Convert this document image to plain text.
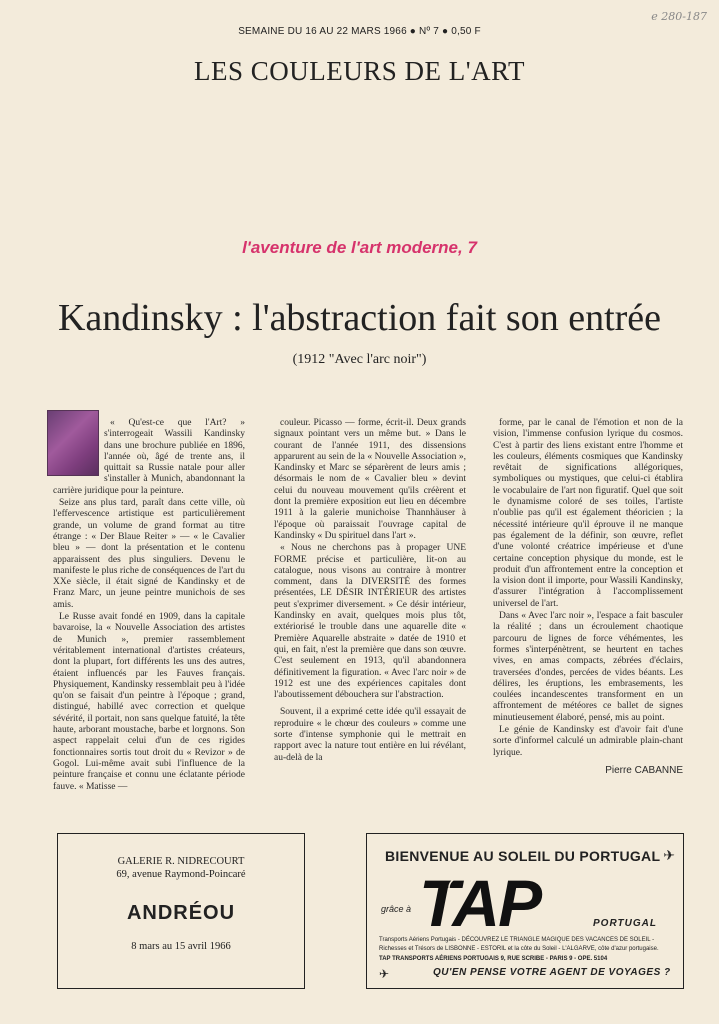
SEMAINE DU 16 AU 22 MARS 1966 ● Nº 7 ● 0,50 F
e 280-187
LES COULEURS DE L'ART
l'aventure de l'art moderne, 7
Kandinsky : l'abstraction fait son entrée
(1912 "Avec l'arc noir")

« Qu'est-ce que l'Art? » s'interrogeait Wassili Kandinsky dans une brochure publiée en 1896, l'année où, âgé de trente ans, il quittait sa Russie natale pour aller s'installer à Munich, abandonnant la carrière juridique pour la peinture.

Seize ans plus tard, paraît dans cette ville, où l'effervescence artistique est particulièrement grande, un volume de grand format au titre étrange : « Der Blaue Reiter » — « le Cavalier bleu » — dont la présentation et le contenu apparaissent des plus singuliers. Devenu le manifeste le plus riche de conséquences de l'art du XXe siècle, il était signé de Kandinsky et de Franz Marc, un jeune peintre munichois de ses amis.

Le Russe avait fondé en 1909, dans la capitale bavaroise, la « Nouvelle Association des artistes de Munich », premier rassemblement véritablement international d'artistes créateurs, dont la plupart, fort différents les uns des autres, étaient influencés par les Fauves français. Physiquement, Kandinsky ressemblait peu à l'idée qu'on se faisait d'un peintre à l'époque ; grand, distingué, habillé avec correction et quelque sévérité, il portait, non sans quelque fatuité, la tête haute, arborant moustache, barbe et lorgnons. Son aspect rappelait celui d'un de ces rigides fonctionnaires sortis tout droit du « Revizor » de Gogol. Lui-même avait subi l'influence de la peinture française et connu une éclatante période fauve. « Matisse —

couleur. Picasso — forme, écrit-il. Deux grands signaux pointant vers un même but. » Dans le courant de l'année 1911, des dissensions apparurent au sein de la « Nouvelle Association », Kandinsky et Marc se séparèrent de leurs amis ; désormais le nom de « Cavalier bleu » devint celui du nouveau mouvement qu'ils créèrent et dont la première exposition eut lieu en décembre 1911 à la galerie munichoise Thannhäuser à l'époque où paraissait l'ouvrage capital de Kandinsky « Du spirituel dans l'art ».

« Nous ne cherchons pas à propager UNE FORME précise et particulière, lit-on au catalogue, nous visons au contraire à montrer comment, dans la DIVERSITÉ des formes présentées, LE DÉSIR INTÉRIEUR des artistes peut s'exprimer diversement. » Ce désir intérieur, Kandinsky en avait, quelques mois plus tôt, extériorisé le trouble dans une aquarelle dite « Première Aquarelle abstraite » datée de 1910 et qui, en fait, n'est la première que dans son œuvre. C'est seulement en 1913, qu'il abandonnera définitivement la figuration. « Avec l'arc noir » de 1912 est une des expériences capitales dont l'aboutissement débouchera sur l'abstraction.

Souvent, il a exprimé cette idée qu'il essayait de reproduire « le chœur des couleurs » comme une sorte d'intense symphonie qui le mettrait en rapport avec la nature tout entière en lui révélant, au-delà de la

forme, par le canal de l'émotion et non de la vision, l'immense confusion lyrique du cosmos. C'est à partir des liens existant entre l'homme et les couleurs, éléments cosmiques que Kandinsky revêtait de significations allégoriques, symboliques ou mystiques, que celui-ci établira le vocabulaire de l'art non figuratif. Quel que soit le dynamisme coloré de ses toiles, l'artiste n'oublie pas qu'il est également théoricien ; la nécessité intérieure qu'il éprouve il ne manque pas également de la définir, son œuvre, reflet d'une volonté créatrice impérieuse et d'une certaine conception physique du monde, est le produit d'un affrontement entre la conception et la vision dont il importe, pour Wassili Kandinsky, d'assurer l'intégration à l'accomplissement universel de l'art.

Dans « Avec l'arc noir », l'espace a fait basculer la réalité ; dans un écroulement chaotique parcouru de lignes de force véhémentes, les formes s'interpénètrent, se heurtent en taches vives, en amas compacts, zébrées d'éclairs, traversées d'ondes, percées de vides béants. Les délires, les éruptions, les embrasements, les coulées incandescentes transforment en un affrontement de météores ce ballet de signes minutieusement élaboré, pensé, mis au point.

Le génie de Kandinsky est d'avoir fait d'une sorte d'informel calculé un admirable plain-chant lyrique.

Pierre CABANNE
GALERIE R. NIDRECOURT
69, avenue Raymond-Poincaré
ANDRÉOU
8 mars au 15 avril 1966
BIENVENUE AU SOLEIL DU PORTUGAL ✈
grâce à TAP	PORTUGAL
Transports Aériens Portugais - DÉCOUVREZ LE TRIANGLE MAGIQUE DES VACANCES DE SOLEIL -
Richesses et Trésors de LISBONNE - ESTORIL et la côte du Soleil - L'ALGARVE, côte d'azur portugaise.
TAP TRANSPORTS AÉRIENS PORTUGAIS 9, RUE SCRIBE - PARIS 9 - OPE. 5104
✈	QU'EN PENSE VOTRE AGENT DE VOYAGES ?
